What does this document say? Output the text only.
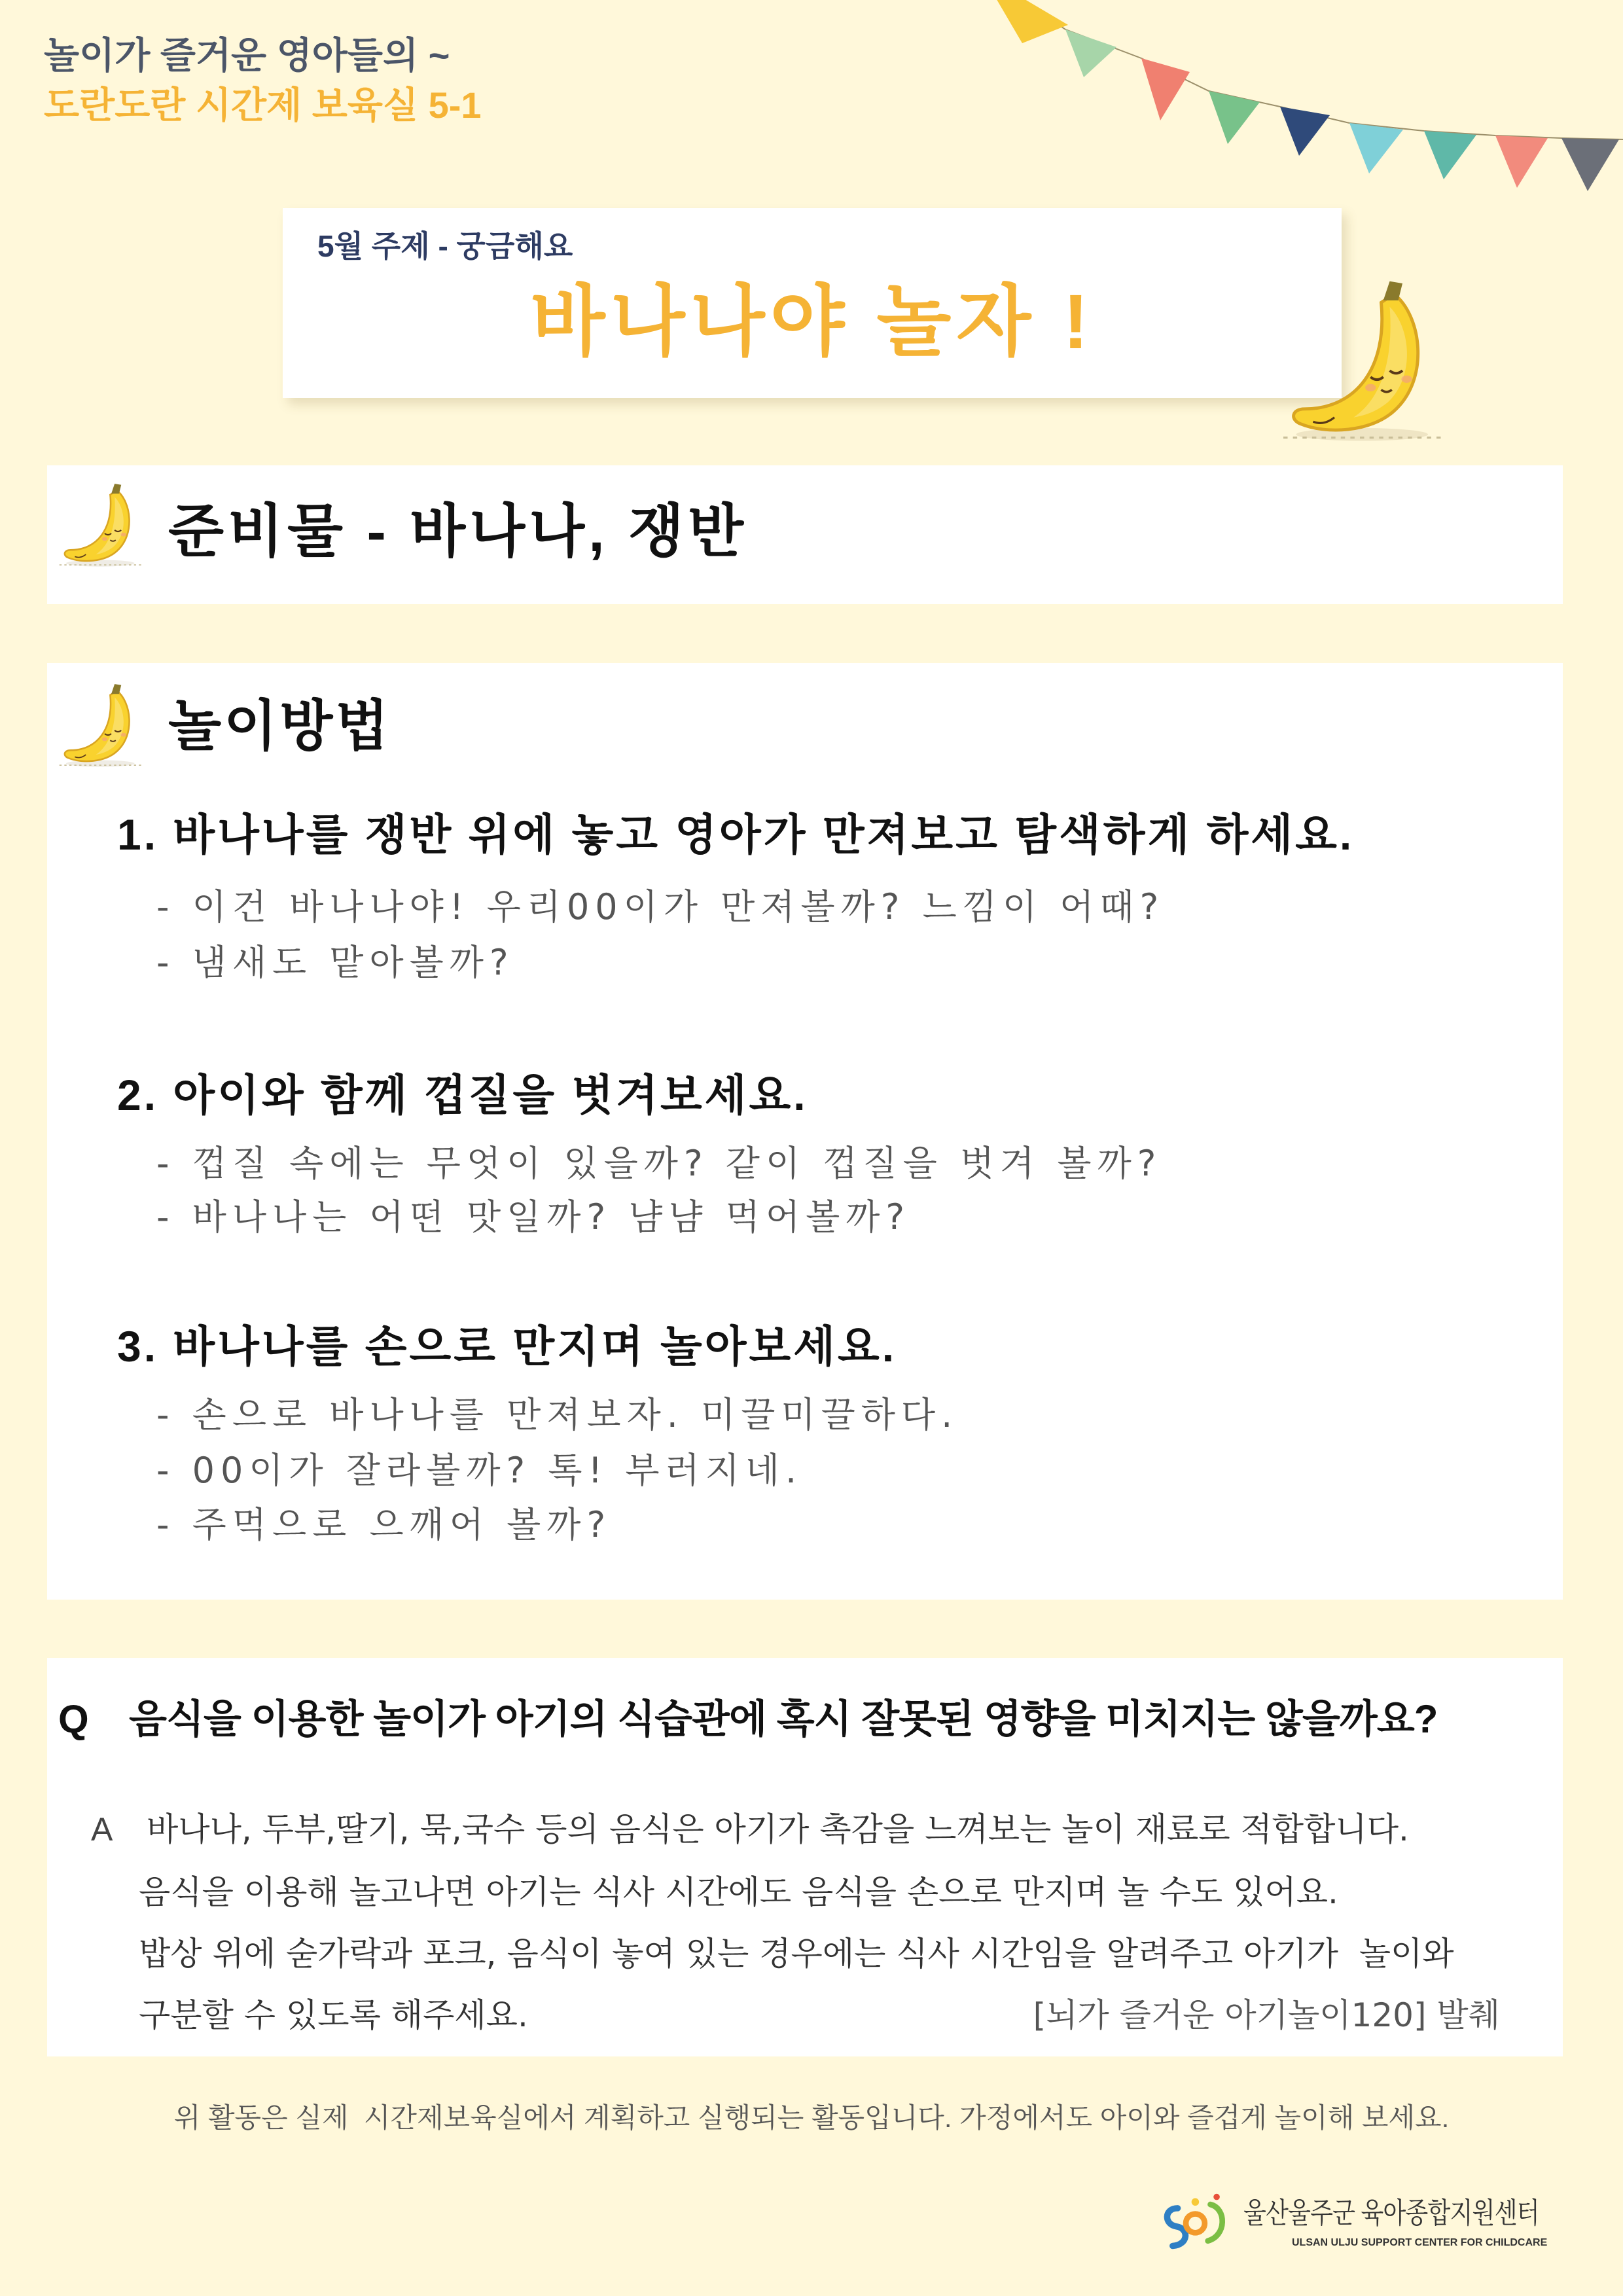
놀이가 즐거운 영아들의 ~
도란도란 시간제 보육실 5-1
5월 주제 - 궁금해요
바나나야 놀자 !
준비물 - 바나나, 쟁반
놀이방법
1. 바나나를 쟁반 위에 놓고 영아가 만져보고 탐색하게 하세요.
- 이건 바나나야! 우리00이가 만져볼까? 느낌이 어때?
- 냄새도 맡아볼까?
2. 아이와 함께 껍질을 벗겨보세요.
- 껍질 속에는 무엇이 있을까? 같이 껍질을 벗겨 볼까?
- 바나나는 어떤 맛일까? 냠냠 먹어볼까?
3. 바나나를 손으로 만지며 놀아보세요.
- 손으로 바나나를 만져보자. 미끌미끌하다.
- 00이가 잘라볼까? 톡! 부러지네.
- 주먹으로 으깨어 볼까?
Q 음식을 이용한 놀이가 아기의 식습관에 혹시 잘못된 영향을 미치지는 않을까요?
A 바나나, 두부,딸기, 묵,국수 등의 음식은 아기가 촉감을 느껴보는 놀이 재료로 적합합니다.
음식을 이용해 놀고나면 아기는 식사 시간에도 음식을 손으로 만지며 놀 수도 있어요.
밥상 위에 숟가락과 포크, 음식이 놓여 있는 경우에는 식사 시간임을 알려주고 아기가  놀이와
구분할 수 있도록 해주세요.	[뇌가 즐거운 아기놀이120] 발췌
위 활동은 실제  시간제보육실에서 계획하고 실행되는 활동입니다. 가정에서도 아이와 즐겁게 놀이해 보세요.
울산울주군 육아종합지원센터
ULSAN ULJU SUPPORT CENTER FOR CHILDCARE
